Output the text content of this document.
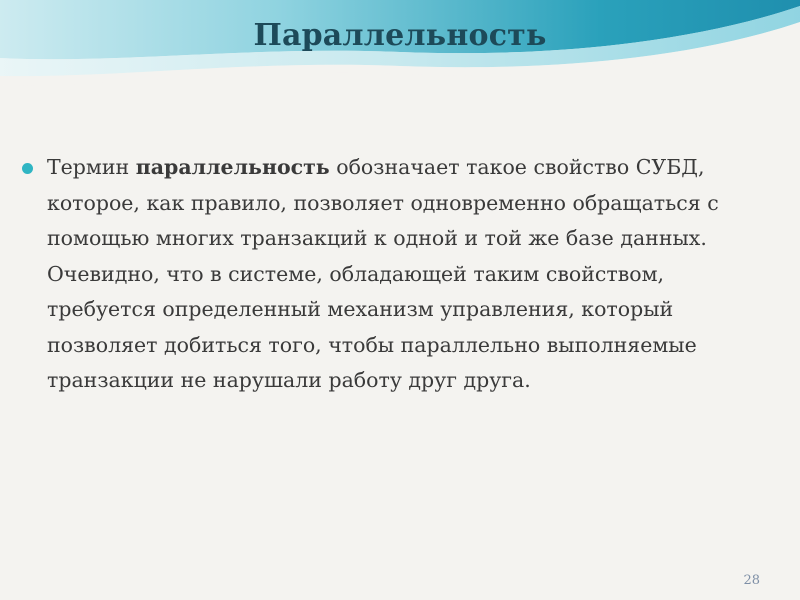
Параллельность
Термин параллельность обозначает такое свойство СУБД, которое, как правило, позволяет одновременно обращаться с помощью многих транзакций к одной и той же базе данных. Очевидно, что в системе, обладающей таким свойством, требуется определенный механизм управления, который позволяет добиться того, чтобы параллельно выполняемые транзакции не нарушали работу друг друга.
28
